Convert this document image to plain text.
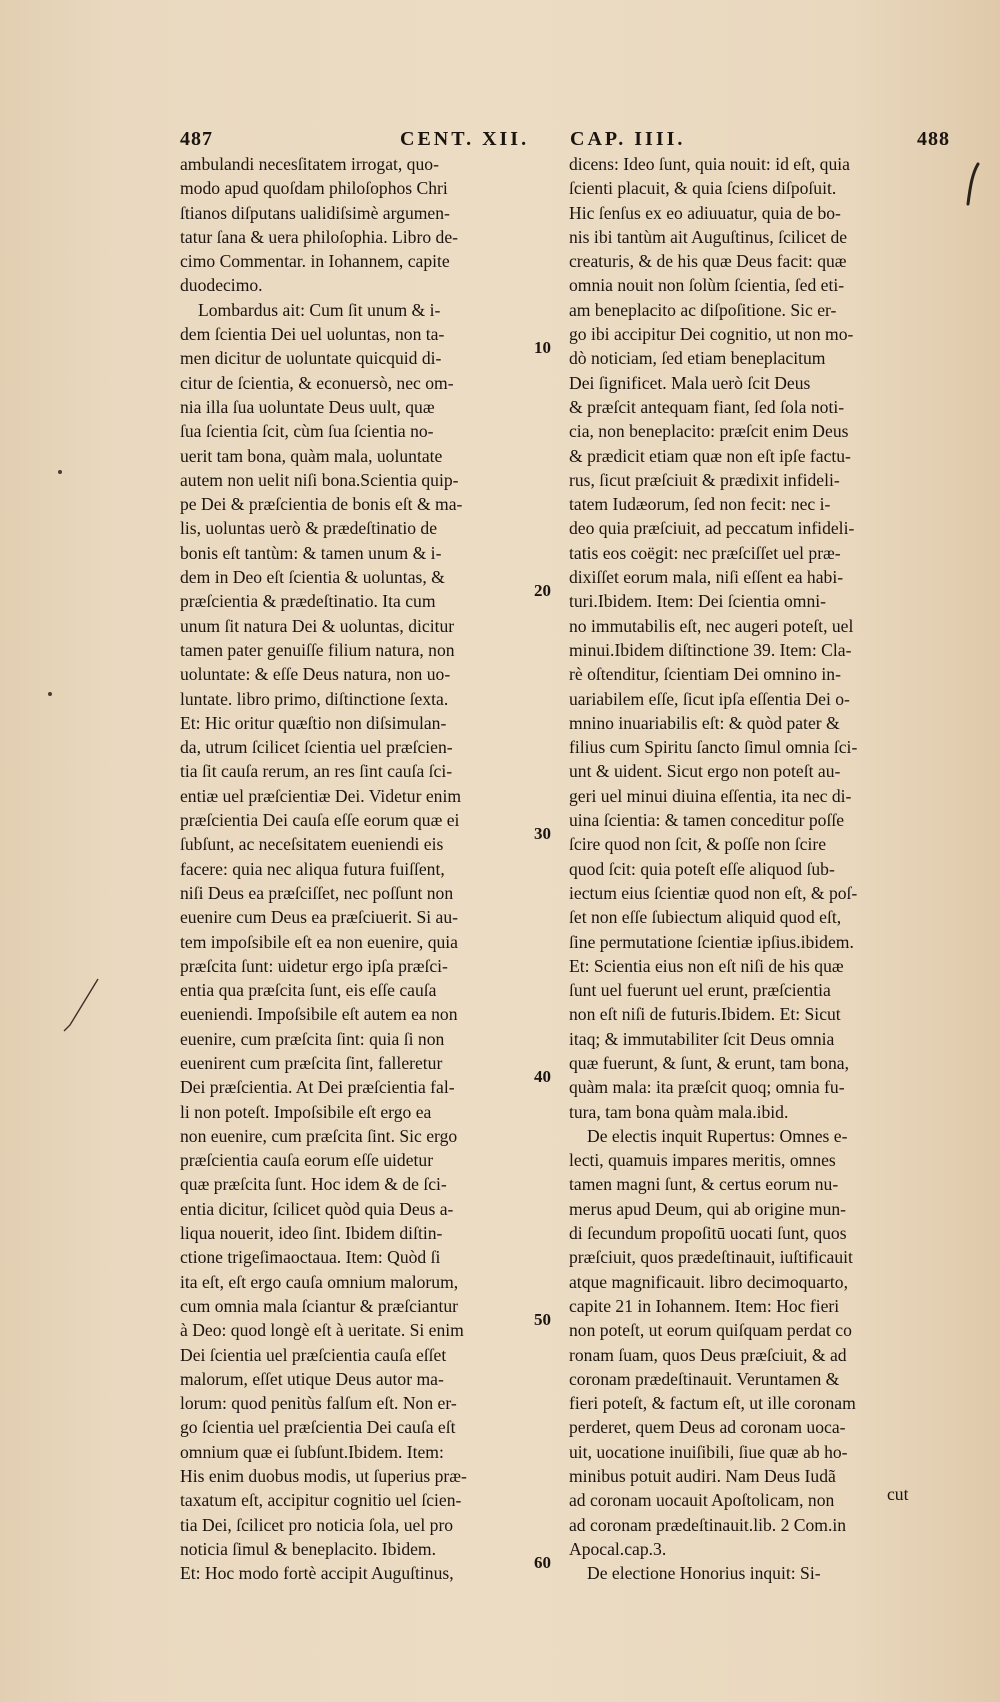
487	CENT. XII. CAP. IIII.	488
ambulandi necesſitatem irrogat, quo-
modo apud quoſdam philoſophos Chri
ſtianos diſputans ualidiſsimè argumen-
tatur ſana & uera philoſophia. Libro de-
cimo Commentar. in Iohannem, capite
duodecimo.
Lombardus ait: Cum ſit unum & i-
dem ſcientia Dei uel uoluntas, non ta-
men dicitur de uoluntate quicquid di-
citur de ſcientia, & econuersò, nec om-
nia illa ſua uoluntate Deus uult, quæ
ſua ſcientia ſcit, cùm ſua ſcientia no-
uerit tam bona, quàm mala, uoluntate
autem non uelit niſi bona.Scientia quip-
pe Dei & præſcientia de bonis eſt & ma-
lis, uoluntas uerò & prædeſtinatio de
bonis eſt tantùm: & tamen unum & i-
dem in Deo eſt ſcientia & uoluntas, &
præſcientia & prædeſtinatio. Ita cum
unum ſit natura Dei & uoluntas, dicitur
tamen pater genuiſſe filium natura, non
uoluntate: & eſſe Deus natura, non uo-
luntate. libro primo, diſtinctione ſexta.
Et: Hic oritur quæſtio non diſsimulan-
da, utrum ſcilicet ſcientia uel præſcien-
tia ſit cauſa rerum, an res ſint cauſa ſci-
entiæ uel præſcientiæ Dei. Videtur enim
præſcientia Dei cauſa eſſe eorum quæ ei
ſubſunt, ac neceſsitatem eueniendi eis
facere: quia nec aliqua futura fuiſſent,
niſi Deus ea præſciſſet, nec poſſunt non
euenire cum Deus ea præſciuerit. Si au-
tem impoſsibile eſt ea non euenire, quia
præſcita ſunt: uidetur ergo ipſa præſci-
entia qua præſcita ſunt, eis eſſe cauſa
eueniendi. Impoſsibile eſt autem ea non
euenire, cum præſcita ſint: quia ſi non
euenirent cum præſcita ſint, falleretur
Dei præſcientia. At Dei præſcientia fal-
li non poteſt. Impoſsibile eſt ergo ea
non euenire, cum præſcita ſint. Sic ergo
præſcientia cauſa eorum eſſe uidetur
quæ præſcita ſunt. Hoc idem & de ſci-
entia dicitur, ſcilicet quòd quia Deus a-
liqua nouerit, ideo ſint. Ibidem diſtin-
ctione trigeſimaoctaua. Item: Quòd ſi
ita eſt, eſt ergo cauſa omnium malorum,
cum omnia mala ſciantur & præſciantur
à Deo: quod longè eſt à ueritate. Si enim
Dei ſcientia uel præſcientia cauſa eſſet
malorum, eſſet utique Deus autor ma-
lorum: quod penitùs falſum eſt. Non er-
go ſcientia uel præſcientia Dei cauſa eſt
omnium quæ ei ſubſunt.Ibidem. Item:
His enim duobus modis, ut ſuperius præ-
taxatum eſt, accipitur cognitio uel ſcien-
tia Dei, ſcilicet pro noticia ſola, uel pro
noticia ſimul & beneplacito. Ibidem.
Et: Hoc modo fortè accipit Auguſtinus,
10
20
30
40
50
60
dicens: Ideo ſunt, quia nouit: id eſt, quia
ſcienti placuit, & quia ſciens diſpoſuit.
Hic ſenſus ex eo adiuuatur, quia de bo-
nis ibi tantùm ait Auguſtinus, ſcilicet de
creaturis, & de his quæ Deus facit: quæ
omnia nouit non ſolùm ſcientia, ſed eti-
am beneplacito ac diſpoſitione. Sic er-
go ibi accipitur Dei cognitio, ut non mo-
dò noticiam, ſed etiam beneplacitum
Dei ſignificet. Mala uerò ſcit Deus
& præſcit antequam fiant, ſed ſola noti-
cia, non beneplacito: præſcit enim Deus
& prædicit etiam quæ non eſt ipſe factu-
rus, ſicut præſciuit & prædixit infideli-
tatem Iudæorum, ſed non fecit: nec i-
deo quia præſciuit, ad peccatum infideli-
tatis eos coëgit: nec præſciſſet uel præ-
dixiſſet eorum mala, niſi eſſent ea habi-
turi.Ibidem. Item: Dei ſcientia omni-
no immutabilis eſt, nec augeri poteſt, uel
minui.Ibidem diſtinctione 39. Item: Cla-
rè oſtenditur, ſcientiam Dei omnino in-
uariabilem eſſe, ſicut ipſa eſſentia Dei o-
mnino inuariabilis eſt: & quòd pater &
filius cum Spiritu ſancto ſimul omnia ſci-
unt & uident. Sicut ergo non poteſt au-
geri uel minui diuina eſſentia, ita nec di-
uina ſcientia: & tamen conceditur poſſe
ſcire quod non ſcit, & poſſe non ſcire
quod ſcit: quia poteſt eſſe aliquod ſub-
iectum eius ſcientiæ quod non eſt, & poſ-
ſet non eſſe ſubiectum aliquid quod eſt,
ſine permutatione ſcientiæ ipſius.ibidem.
Et: Scientia eius non eſt niſi de his quæ
ſunt uel fuerunt uel erunt, præſcientia
non eſt niſi de futuris.Ibidem. Et: Sicut
itaq; & immutabiliter ſcit Deus omnia
quæ fuerunt, & ſunt, & erunt, tam bona,
quàm mala: ita præſcit quoq; omnia fu-
tura, tam bona quàm mala.ibid.
De electis inquit Rupertus: Omnes e-
lecti, quamuis impares meritis, omnes
tamen magni ſunt, & certus eorum nu-
merus apud Deum, qui ab origine mun-
di ſecundum propoſitū uocati ſunt, quos
præſciuit, quos prædeſtinauit, iuſtificauit
atque magnificauit. libro decimoquarto,
capite 21 in Iohannem. Item: Hoc fieri
non poteſt, ut eorum quiſquam perdat co
ronam ſuam, quos Deus præſciuit, & ad
coronam prædeſtinauit. Veruntamen &
fieri poteſt, & factum eſt, ut ille coronam
perderet, quem Deus ad coronam uoca-
uit, uocatione inuiſibili, ſiue quæ ab ho-
minibus potuit audiri. Nam Deus Iudã
ad coronam uocauit Apoſtolicam, non
ad coronam prædeſtinauit.lib. 2 Com.in
Apocal.cap.3.
De electione Honorius inquit: Si-
cut
